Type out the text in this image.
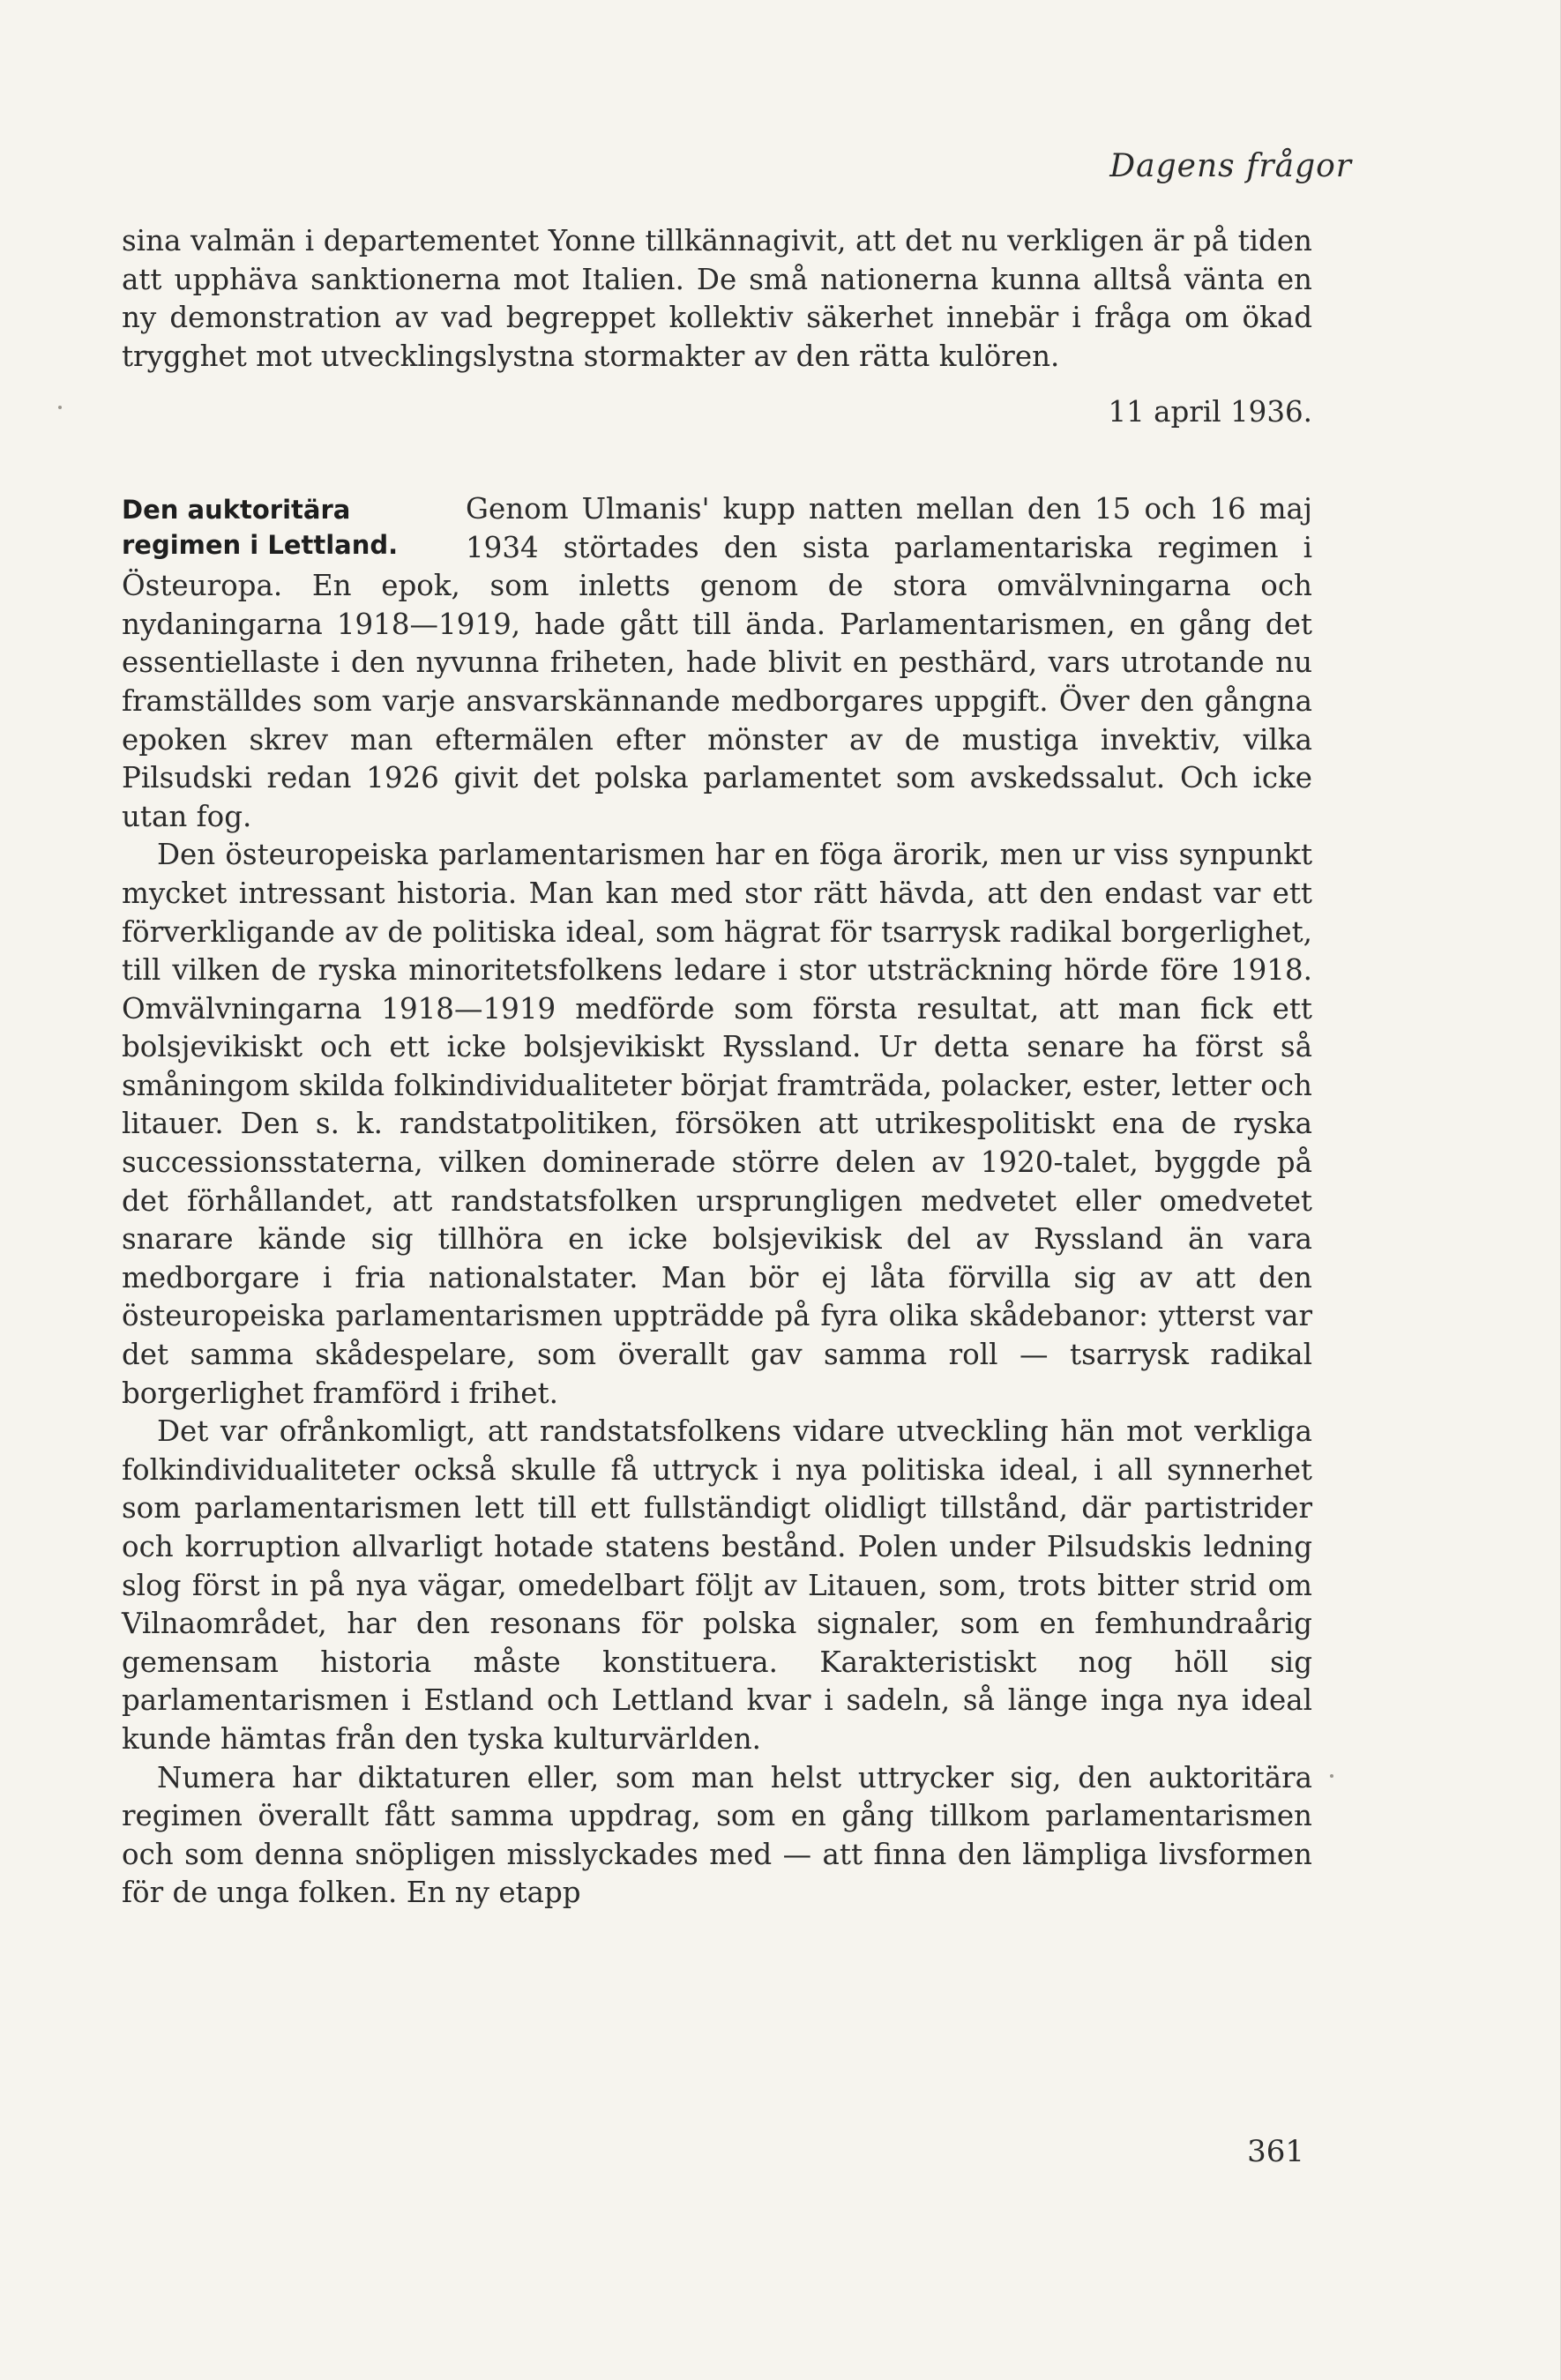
Dagens frågor

sina valmän i departementet Yonne tillkännagivit, att det nu verkligen är på tiden att upphäva sanktionerna mot Italien. De små nationerna kunna alltså vänta en ny demonstration av vad begreppet kollektiv säkerhet innebär i fråga om ökad trygghet mot utvecklingslystna stormakter av den rätta kulören.

11 april 1936.
Den auktoritära regimen i Lettland.

Genom Ulmanis' kupp natten mellan den 15 och 16 maj 1934 störtades den sista parlamentariska regimen i Östeuropa. En epok, som inletts genom de stora omvälvningarna och nydaningarna 1918—1919, hade gått till ända. Parlamentarismen, en gång det essentiellaste i den nyvunna friheten, hade blivit en pesthärd, vars utrotande nu framställdes som varje ansvarskännande medborgares uppgift. Över den gångna epoken skrev man eftermälen efter mönster av de mustiga invektiv, vilka Pilsudski redan 1926 givit det polska parlamentet som avskedssalut. Och icke utan fog.

Den östeuropeiska parlamentarismen har en föga ärorik, men ur viss synpunkt mycket intressant historia. Man kan med stor rätt hävda, att den endast var ett förverkligande av de politiska ideal, som hägrat för tsarrysk radikal borgerlighet, till vilken de ryska minoritetsfolkens ledare i stor utsträckning hörde före 1918. Omvälvningarna 1918—1919 medförde som första resultat, att man fick ett bolsjevikiskt och ett icke bolsjevikiskt Ryssland. Ur detta senare ha först så småningom skilda folkindividualiteter börjat framträda, polacker, ester, letter och litauer. Den s. k. randstatpolitiken, försöken att utrikespolitiskt ena de ryska successionsstaterna, vilken dominerade större delen av 1920-talet, byggde på det förhållandet, att randstatsfolken ursprungligen medvetet eller omedvetet snarare kände sig tillhöra en icke bolsjevikisk del av Ryssland än vara medborgare i fria nationalstater. Man bör ej låta förvilla sig av att den östeuropeiska parlamentarismen uppträdde på fyra olika skådebanor: ytterst var det samma skådespelare, som överallt gav samma roll — tsarrysk radikal borgerlighet framförd i frihet.

Det var ofrånkomligt, att randstatsfolkens vidare utveckling hän mot verkliga folkindividualiteter också skulle få uttryck i nya politiska ideal, i all synnerhet som parlamentarismen lett till ett fullständigt olidligt tillstånd, där partistrider och korruption allvarligt hotade statens bestånd. Polen under Pilsudskis ledning slog först in på nya vägar, omedelbart följt av Litauen, som, trots bitter strid om Vilnaområdet, har den resonans för polska signaler, som en femhundraårig gemensam historia måste konstituera. Karakteristiskt nog höll sig parlamentarismen i Estland och Lettland kvar i sadeln, så länge inga nya ideal kunde hämtas från den tyska kulturvärlden.

Numera har diktaturen eller, som man helst uttrycker sig, den auktoritära regimen överallt fått samma uppdrag, som en gång tillkom parlamentarismen och som denna snöpligen misslyckades med — att finna den lämpliga livsformen för de unga folken. En ny etapp

361
